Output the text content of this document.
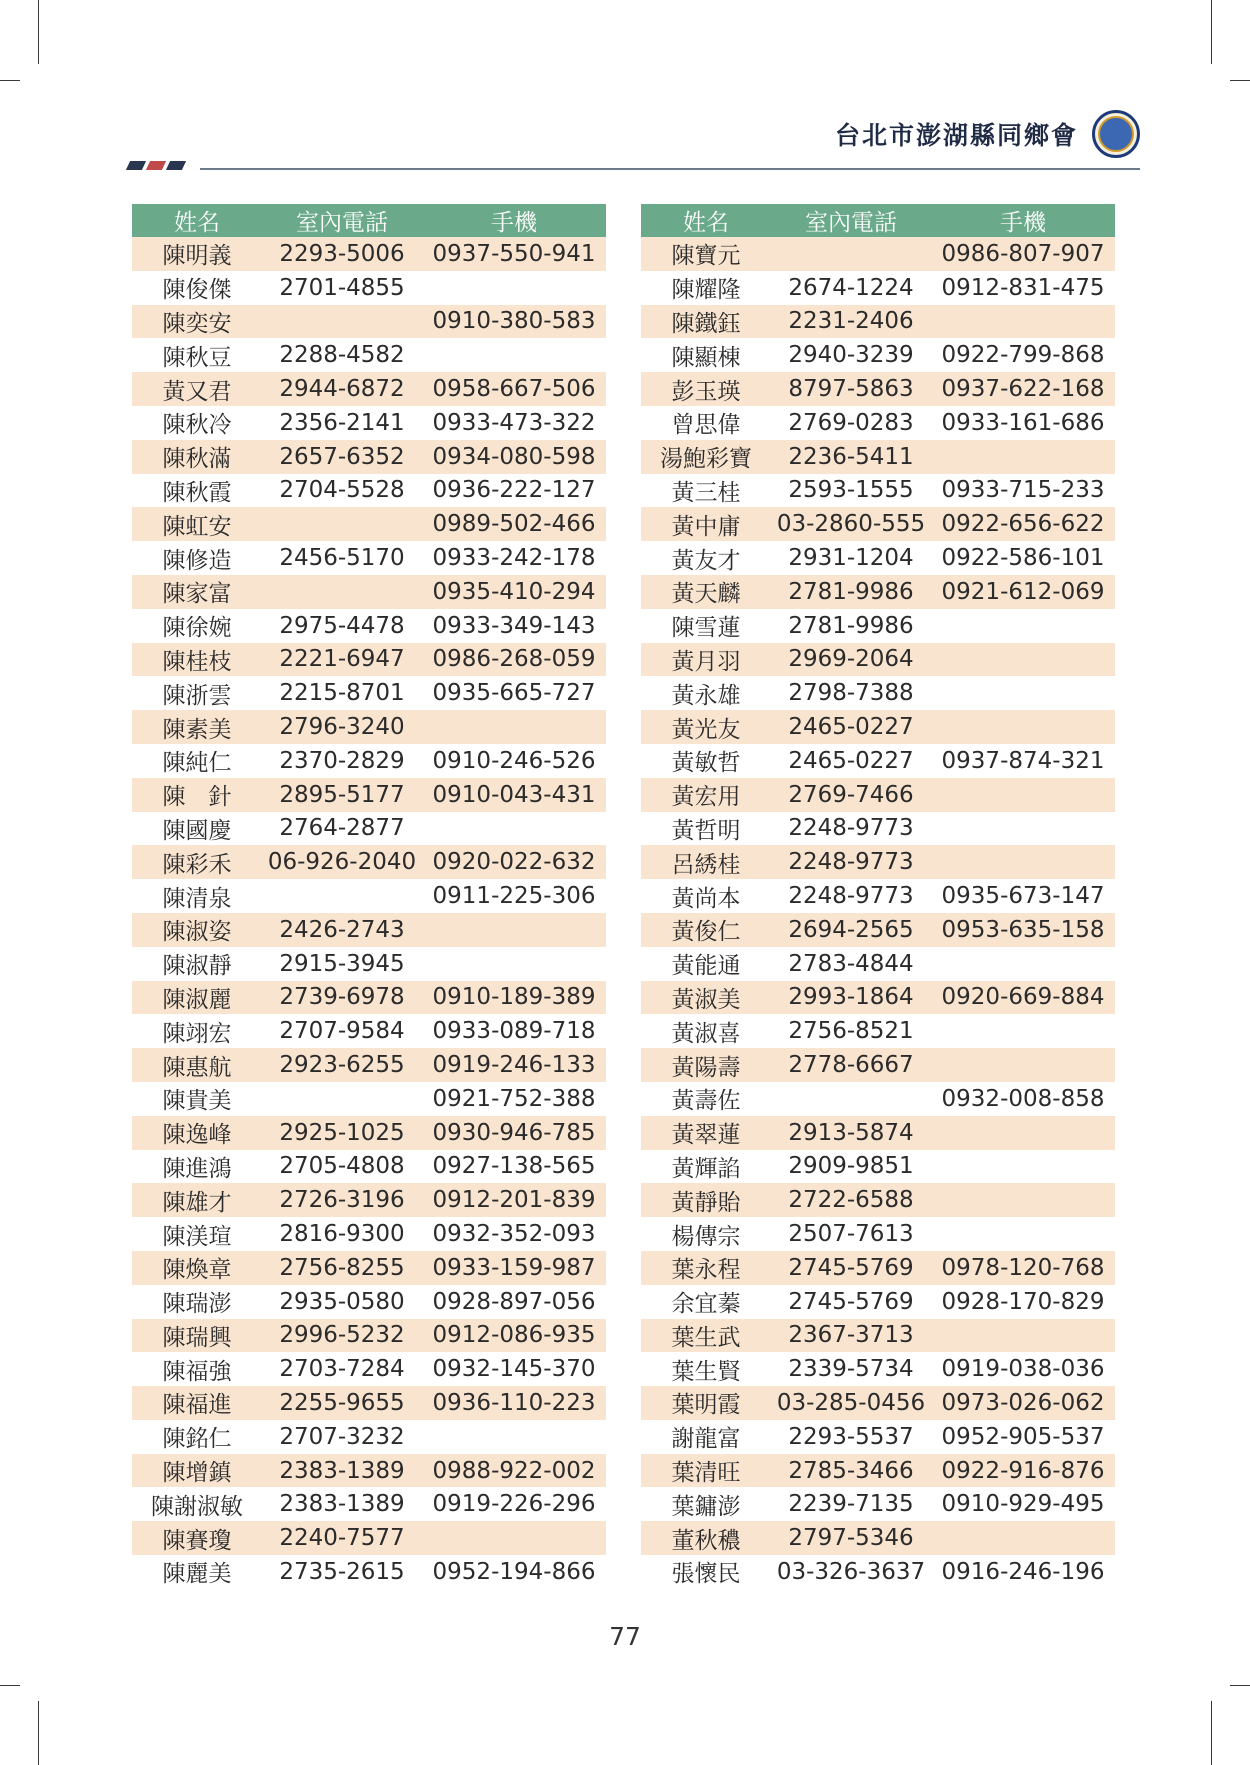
台北市澎湖縣同鄉會
姓名	室內電話	手機
陳明義	2293-5006	0937-550-941
陳俊傑	2701-4855	
陳奕安		0910-380-583
陳秋豆	2288-4582	
黃又君	2944-6872	0958-667-506
陳秋冷	2356-2141	0933-473-322
陳秋滿	2657-6352	0934-080-598
陳秋霞	2704-5528	0936-222-127
陳虹安		0989-502-466
陳修造	2456-5170	0933-242-178
陳家富		0935-410-294
陳徐婉	2975-4478	0933-349-143
陳桂枝	2221-6947	0986-268-059
陳浙雲	2215-8701	0935-665-727
陳素美	2796-3240	
陳純仁	2370-2829	0910-246-526
陳　針	2895-5177	0910-043-431
陳國慶	2764-2877	
陳彩禾	06-926-2040	0920-022-632
陳清泉		0911-225-306
陳淑姿	2426-2743	
陳淑靜	2915-3945	
陳淑麗	2739-6978	0910-189-389
陳翊宏	2707-9584	0933-089-718
陳惠航	2923-6255	0919-246-133
陳貴美		0921-752-388
陳逸峰	2925-1025	0930-946-785
陳進鴻	2705-4808	0927-138-565
陳雄才	2726-3196	0912-201-839
陳渼瑄	2816-9300	0932-352-093
陳煥章	2756-8255	0933-159-987
陳瑞澎	2935-0580	0928-897-056
陳瑞興	2996-5232	0912-086-935
陳福強	2703-7284	0932-145-370
陳福進	2255-9655	0936-110-223
陳銘仁	2707-3232	
陳增鎮	2383-1389	0988-922-002
陳謝淑敏	2383-1389	0919-226-296
陳賽瓊	2240-7577	
陳麗美	2735-2615	0952-194-866
姓名	室內電話	手機
陳寶元		0986-807-907
陳耀隆	2674-1224	0912-831-475
陳鐵鈺	2231-2406	
陳顯棟	2940-3239	0922-799-868
彭玉瑛	8797-5863	0937-622-168
曾思偉	2769-0283	0933-161-686
湯鮑彩寶	2236-5411	
黃三桂	2593-1555	0933-715-233
黃中庸	03-2860-555	0922-656-622
黃友才	2931-1204	0922-586-101
黃天麟	2781-9986	0921-612-069
陳雪蓮	2781-9986	
黃月羽	2969-2064	
黃永雄	2798-7388	
黃光友	2465-0227	
黃敏哲	2465-0227	0937-874-321
黃宏用	2769-7466	
黃哲明	2248-9773	
呂綉桂	2248-9773	
黃尚本	2248-9773	0935-673-147
黃俊仁	2694-2565	0953-635-158
黃能通	2783-4844	
黃淑美	2993-1864	0920-669-884
黃淑喜	2756-8521	
黃陽壽	2778-6667	
黃壽佐		0932-008-858
黃翠蓮	2913-5874	
黃輝諂	2909-9851	
黃靜貽	2722-6588	
楊傳宗	2507-7613	
葉永程	2745-5769	0978-120-768
余宜蓁	2745-5769	0928-170-829
葉生武	2367-3713	
葉生賢	2339-5734	0919-038-036
葉明霞	03-285-0456	0973-026-062
謝龍富	2293-5537	0952-905-537
葉清旺	2785-3466	0922-916-876
葉鏞澎	2239-7135	0910-929-495
董秋穠	2797-5346	
張懷民	03-326-3637	0916-246-196
77
